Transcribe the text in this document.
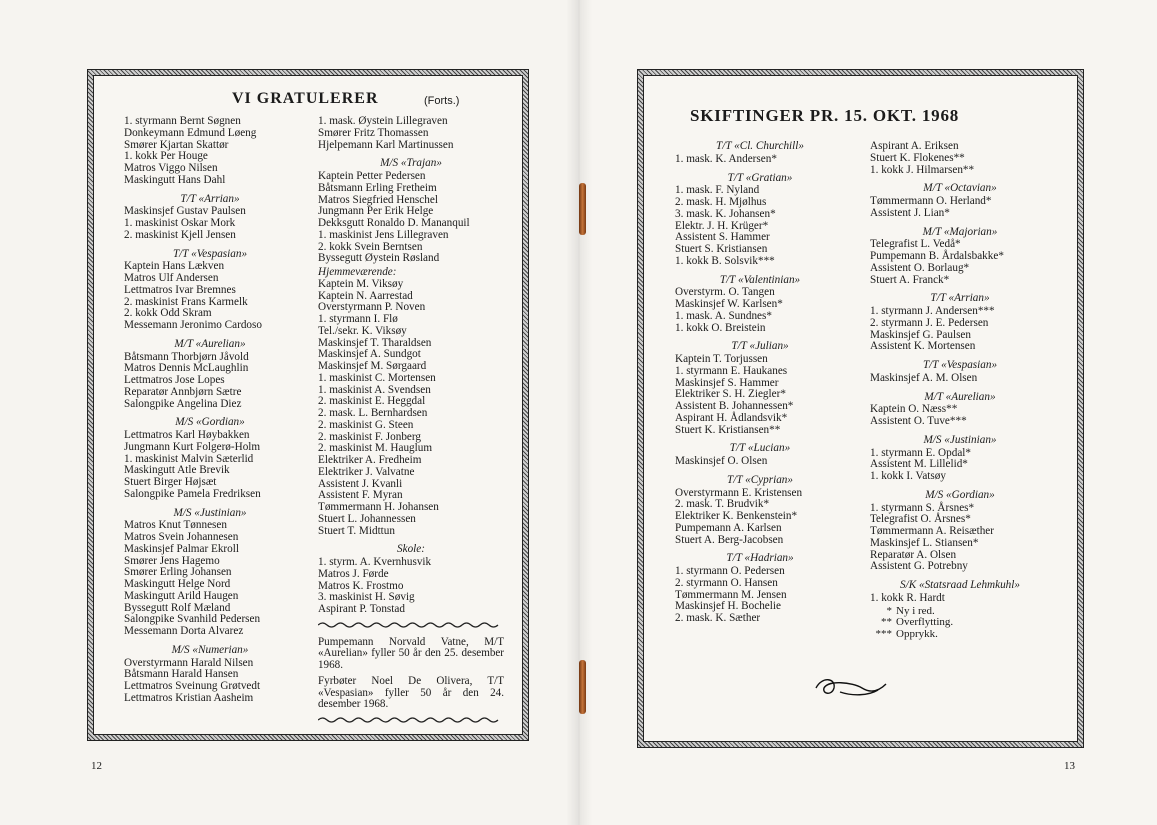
VI GRATULERER	(Forts.)
1. styrmann Bernt Søgnen
Donkeymann Edmund Løeng
Smører Kjartan Skattør
1. kokk Per Houge
Matros Viggo Nilsen
Maskingutt Hans Dahl
T/T «Arrian»
Maskinsjef Gustav Paulsen
1. maskinist Oskar Mork
2. maskinist Kjell Jensen
T/T «Vespasian»
Kaptein Hans Lækven
Matros Ulf Andersen
Lettmatros Ivar Bremnes
2. maskinist Frans Karmelk
2. kokk Odd Skram
Messemann Jeronimo Cardoso
M/T «Aurelian»
Båtsmann Thorbjørn Jåvold
Matros Dennis McLaughlin
Lettmatros Jose Lopes
Reparatør Annbjørn Sætre
Salongpike Angelina Diez
M/S «Gordian»
Lettmatros Karl Høybakken
Jungmann Kurt Folgerø-Holm
1. maskinist Malvin Sæterlid
Maskingutt Atle Brevik
Stuert Birger Højsæt
Salongpike Pamela Fredriksen
M/S «Justinian»
Matros Knut Tønnesen
Matros Svein Johannesen
Maskinsjef Palmar Ekroll
Smører Jens Hagemo
Smører Erling Johansen
Maskingutt Helge Nord
Maskingutt Arild Haugen
Byssegutt Rolf Mæland
Salongpike Svanhild Pedersen
Messemann Dorta Alvarez
M/S «Numerian»
Overstyrmann Harald Nilsen
Båtsmann Harald Hansen
Lettmatros Sveinung Grøtvedt
Lettmatros Kristian Aasheim
1. mask. Øystein Lillegraven
Smører Fritz Thomassen
Hjelpemann Karl Martinussen
M/S «Trajan»
Kaptein Petter Pedersen
Båtsmann Erling Fretheim
Matros Siegfried Henschel
Jungmann Per Erik Helge
Dekksgutt Ronaldo D. Mananquil
1. maskinist Jens Lillegraven
2. kokk Svein Berntsen
Byssegutt Øystein Røsland
Hjemmeværende:
Kaptein M. Viksøy
Kaptein N. Aarrestad
Overstyrmann P. Noven
1. styrmann I. Flø
Tel./sekr. K. Viksøy
Maskinsjef T. Tharaldsen
Maskinsjef A. Sundgot
Maskinsjef M. Sørgaard
1. maskinist C. Mortensen
1. maskinist A. Svendsen
2. maskinist E. Heggdal
2. mask. L. Bernhardsen
2. maskinist G. Steen
2. maskinist F. Jonberg
2. maskinist M. Hauglum
Elektriker A. Fredheim
Elektriker J. Valvatne
Assistent J. Kvanli
Assistent F. Myran
Tømmermann H. Johansen
Stuert L. Johannessen
Stuert T. Midttun
Skole:
1. styrm. A. Kvernhusvik
Matros J. Førde
Matros K. Frostmo
3. maskinist H. Søvig
Aspirant P. Tonstad
Pumpemann Norvald Vatne, M/T «Aurelian» fyller 50 år den 25. desember 1968.
Fyrbøter Noel De Olivera, T/T «Vespasian» fyller 50 år den 24. desember 1968.
12
SKIFTINGER PR. 15. OKT. 1968
T/T «Cl. Churchill»
1. mask. K. Andersen*
T/T «Gratian»
1. mask. F. Nyland
2. mask. H. Mjølhus
3. mask. K. Johansen*
Elektr. J. H. Krüger*
Assistent S. Hammer
Stuert S. Kristiansen
1. kokk B. Solsvik***
T/T «Valentinian»
Overstyrm. O. Tangen
Maskinsjef W. Karlsen*
1. mask. A. Sundnes*
1. kokk O. Breistein
T/T «Julian»
Kaptein T. Torjussen
1. styrmann E. Haukanes
Maskinsjef S. Hammer
Elektriker S. H. Ziegler*
Assistent B. Johannessen*
Aspirant H. Ådlandsvik*
Stuert K. Kristiansen**
T/T «Lucian»
Maskinsjef O. Olsen
T/T «Cyprian»
Overstyrmann E. Kristensen
2. mask. T. Brudvik*
Elektriker K. Benkenstein*
Pumpemann A. Karlsen
Stuert A. Berg-Jacobsen
T/T «Hadrian»
1. styrmann O. Pedersen
2. styrmann O. Hansen
Tømmermann M. Jensen
Maskinsjef H. Bochelie
2. mask. K. Sæther
Aspirant A. Eriksen
Stuert K. Flokenes**
1. kokk J. Hilmarsen**
M/T «Octavian»
Tømmermann O. Herland*
Assistent J. Lian*
M/T «Majorian»
Telegrafist L. Vedå*
Pumpemann B. Årdalsbakke*
Assistent O. Borlaug*
Stuert A. Franck*
T/T «Arrian»
1. styrmann J. Andersen***
2. styrmann J. E. Pedersen
Maskinsjef G. Paulsen
Assistent K. Mortensen
T/T «Vespasian»
Maskinsjef A. M. Olsen
M/T «Aurelian»
Kaptein O. Næss**
Assistent O. Tuve***
M/S «Justinian»
1. styrmann E. Opdal*
Assistent M. Lillelid*
1. kokk I. Vatsøy
M/S «Gordian»
1. styrmann S. Årsnes*
Telegrafist O. Årsnes*
Tømmermann A. Reisæther
Maskinsjef L. Stiansen*
Reparatør A. Olsen
Assistent G. Potrebny
S/K «Statsraad Lehmkuhl»
1. kokk R. Hardt
* Ny i red.
** Overflytting.
*** Opprykk.
13
